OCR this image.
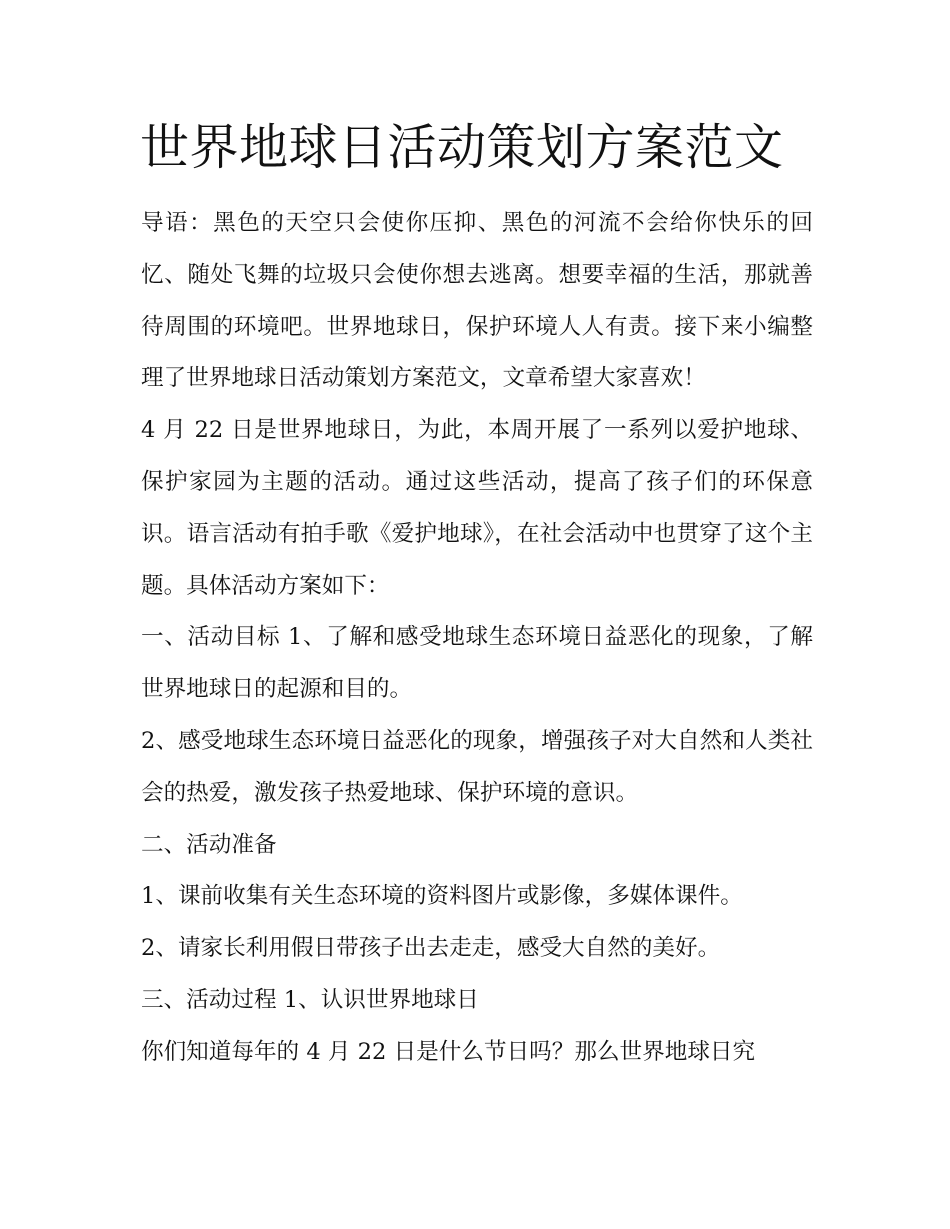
世界地球日活动策划方案范文

导语：黑色的天空只会使你压抑、黑色的河流不会给你快乐的回忆、随处飞舞的垃圾只会使你想去逃离。想要幸福的生活，那就善待周围的环境吧。世界地球日，保护环境人人有责。接下来小编整理了世界地球日活动策划方案范文，文章希望大家喜欢！

4 月 22 日是世界地球日，为此，本周开展了一系列以爱护地球、保护家园为主题的活动。通过这些活动，提高了孩子们的环保意识。语言活动有拍手歌《爱护地球》，在社会活动中也贯穿了这个主题。具体活动方案如下：

一、活动目标 1、了解和感受地球生态环境日益恶化的现象，了解世界地球日的起源和目的。

2、感受地球生态环境日益恶化的现象，增强孩子对大自然和人类社会的热爱，激发孩子热爱地球、保护环境的意识。

二、活动准备

1、课前收集有关生态环境的资料图片或影像，多媒体课件。

2、请家长利用假日带孩子出去走走，感受大自然的美好。

三、活动过程 1、认识世界地球日

你们知道每年的 4 月 22 日是什么节日吗？那么世界地球日究
